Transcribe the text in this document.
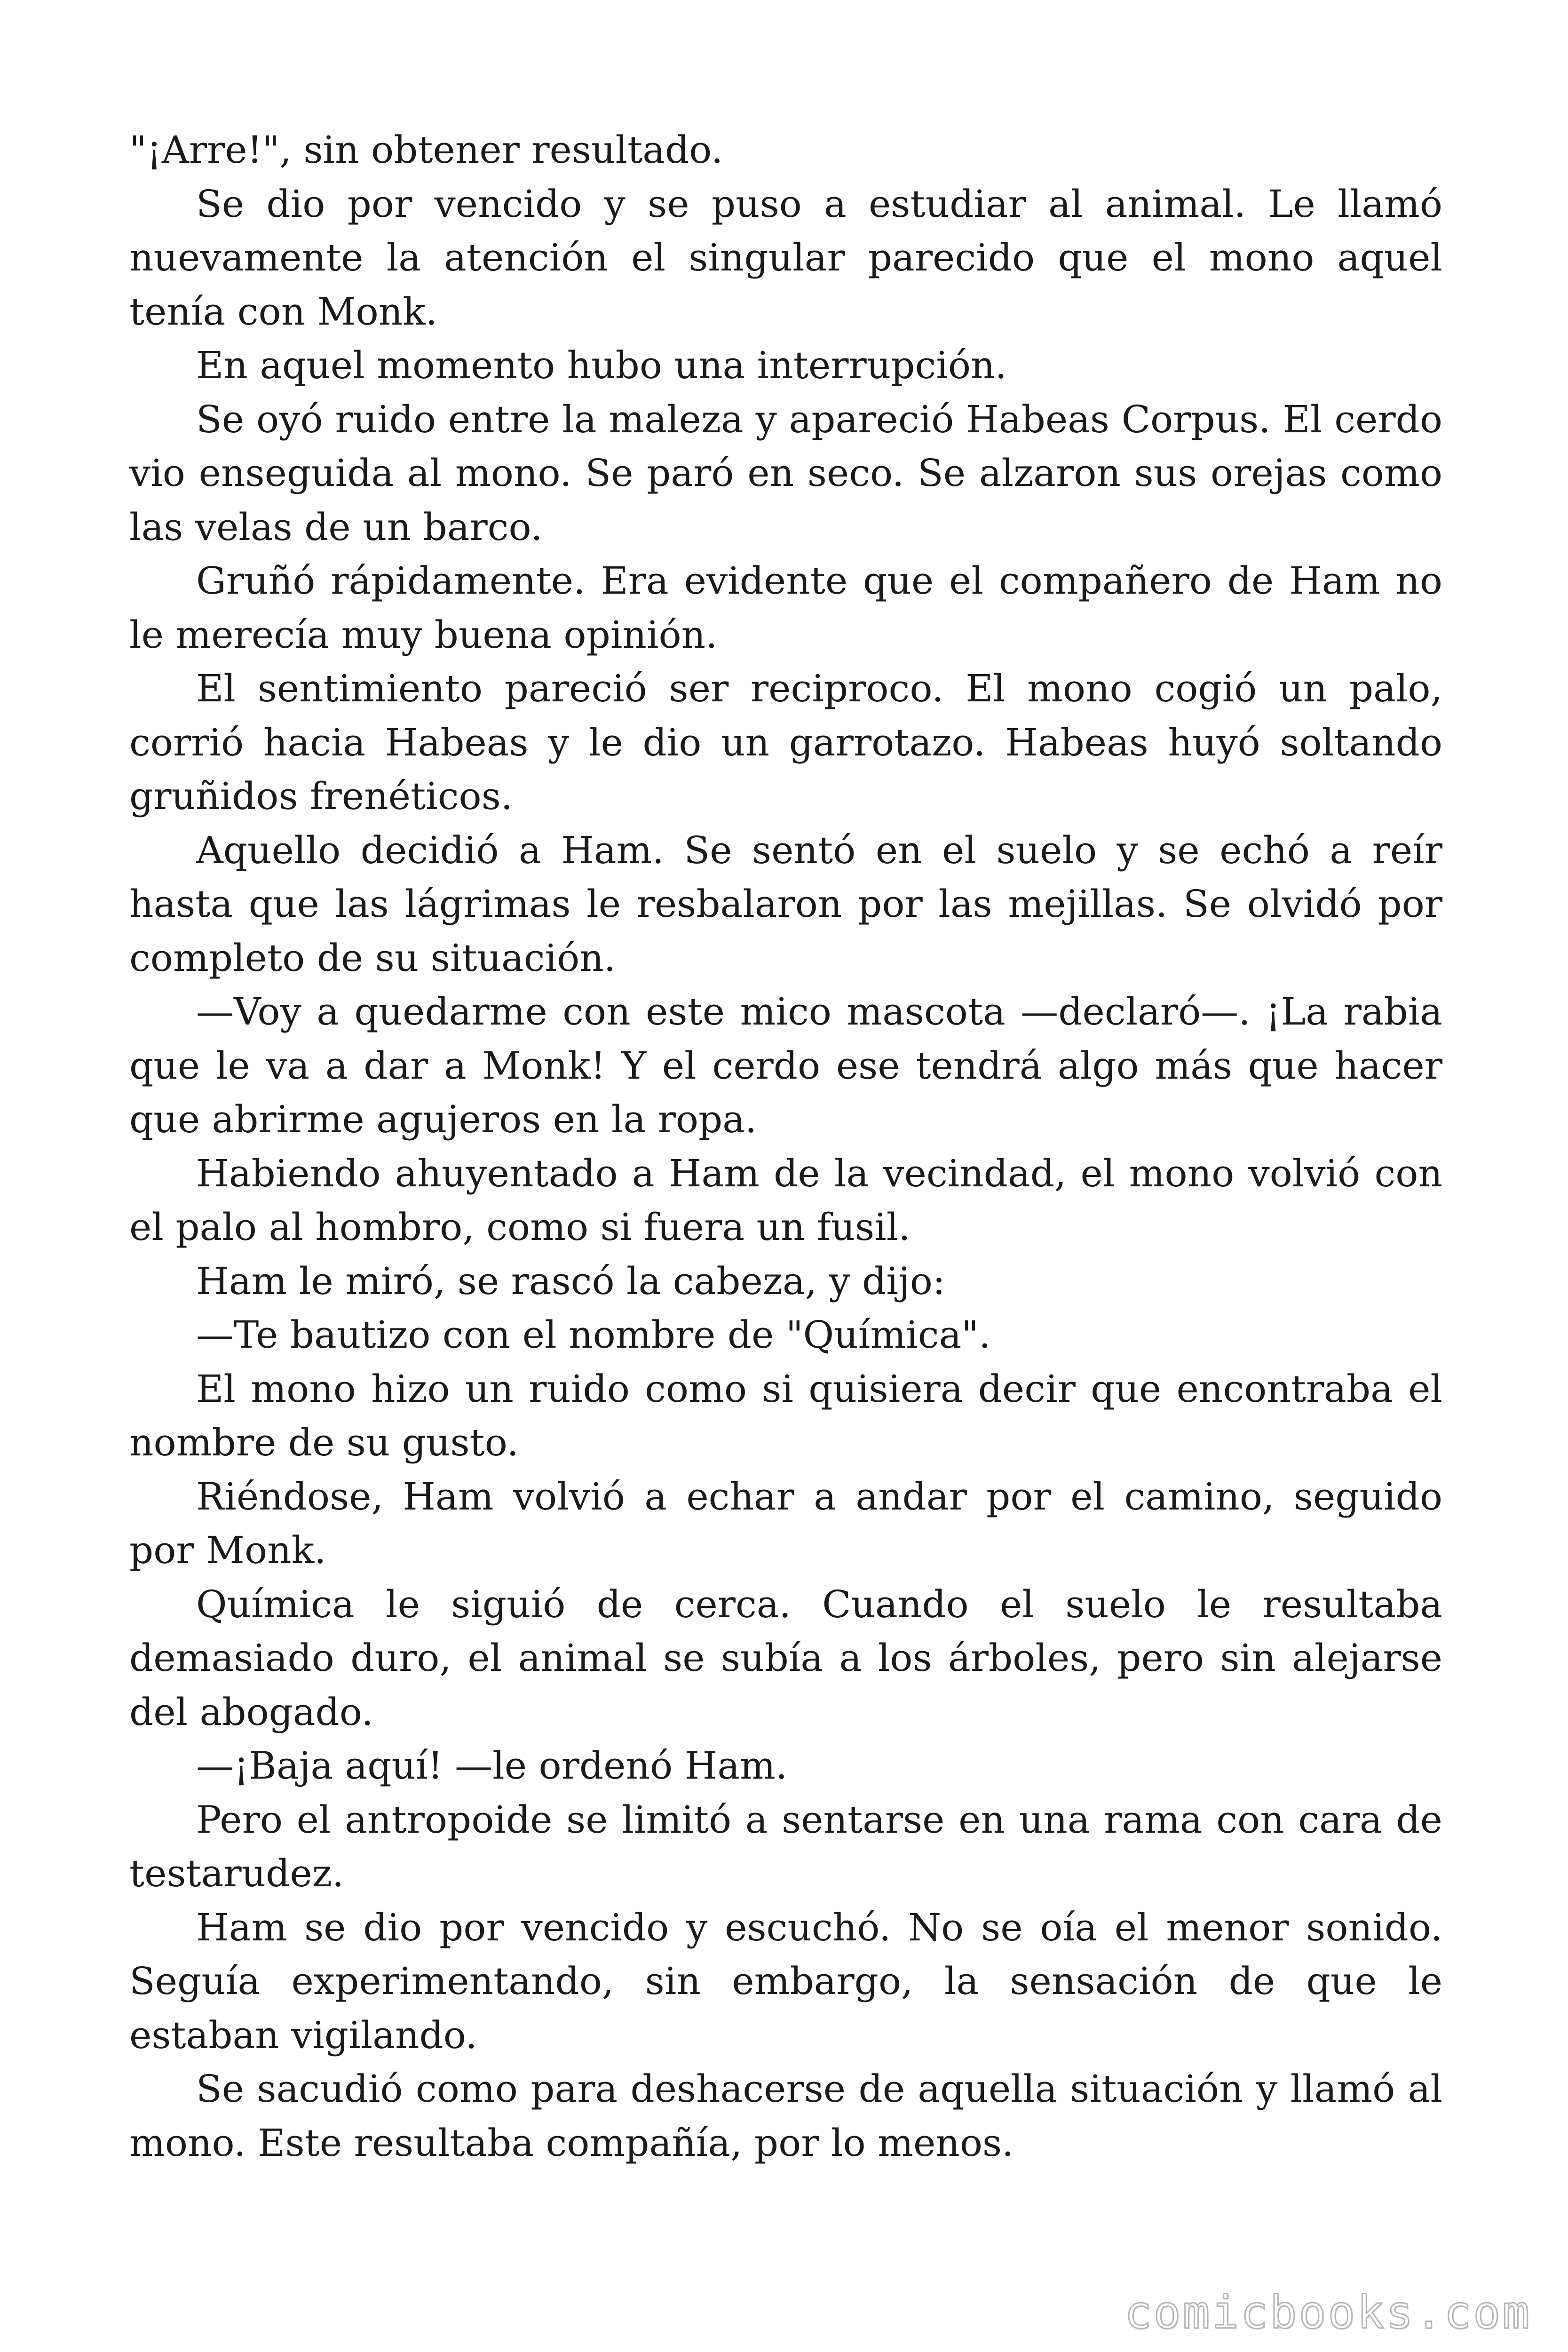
"¡Arre!", sin obtener resultado.

Se dio por vencido y se puso a estudiar al animal. Le llamó nuevamente la atención el singular parecido que el mono aquel tenía con Monk.

En aquel momento hubo una interrupción.

Se oyó ruido entre la maleza y apareció Habeas Corpus. El cerdo vio enseguida al mono. Se paró en seco. Se alzaron sus orejas como las velas de un barco.

Gruñó rápidamente. Era evidente que el compañero de Ham no le merecía muy buena opinión.

El sentimiento pareció ser reciproco. El mono cogió un palo, corrió hacia Habeas y le dio un garrotazo. Habeas huyó soltando gruñidos frenéticos.

Aquello decidió a Ham. Se sentó en el suelo y se echó a reír hasta que las lágrimas le resbalaron por las mejillas. Se olvidó por completo de su situación.

—Voy a quedarme con este mico mascota —declaró—. ¡La rabia que le va a dar a Monk! Y el cerdo ese tendrá algo más que hacer que abrirme agujeros en la ropa.

Habiendo ahuyentado a Ham de la vecindad, el mono volvió con el palo al hombro, como si fuera un fusil.

Ham le miró, se rascó la cabeza, y dijo:

—Te bautizo con el nombre de "Química".

El mono hizo un ruido como si quisiera decir que encontraba el nombre de su gusto.

Riéndose, Ham volvió a echar a andar por el camino, seguido por Monk.

Química le siguió de cerca. Cuando el suelo le resultaba demasiado duro, el animal se subía a los árboles, pero sin alejarse del abogado.

—¡Baja aquí! —le ordenó Ham.

Pero el antropoide se limitó a sentarse en una rama con cara de testarudez.

Ham se dio por vencido y escuchó. No se oía el menor sonido. Seguía experimentando, sin embargo, la sensación de que le estaban vigilando.

Se sacudió como para deshacerse de aquella situación y llamó al mono. Este resultaba compañía, por lo menos.

comicbooks.com
